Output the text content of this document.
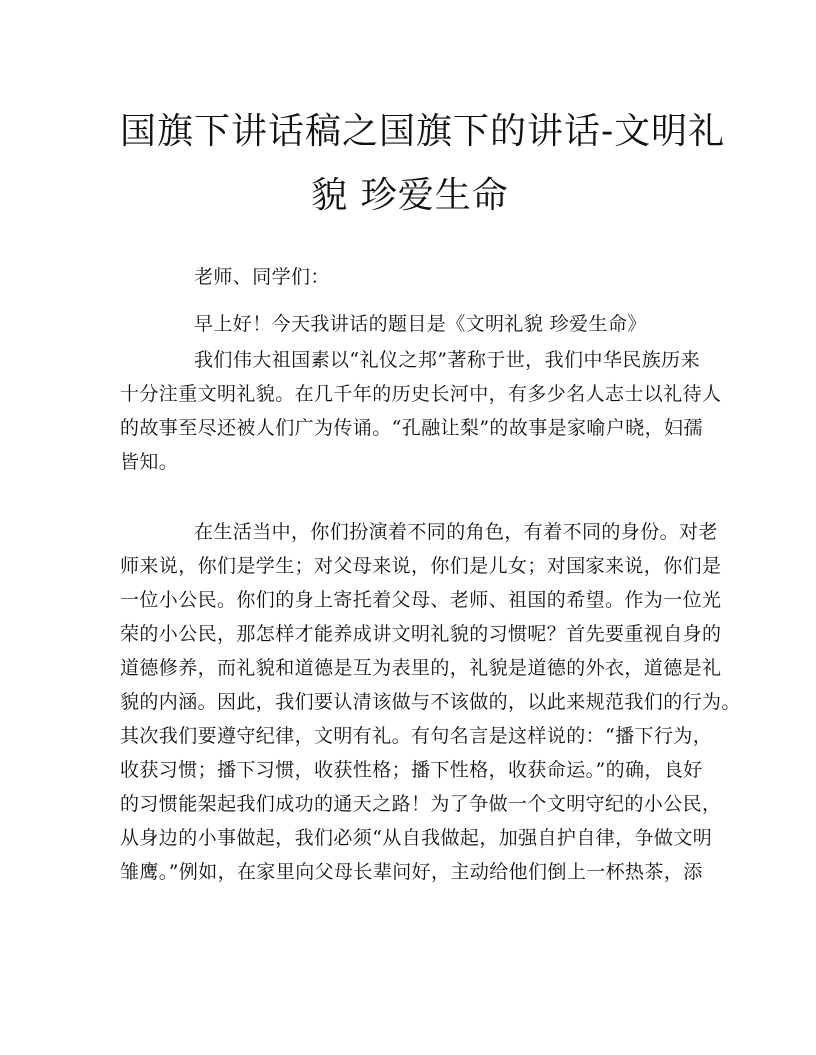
国旗下讲话稿之国旗下的讲话-文明礼
貌 珍爱生命
老师、同学们：
早上好！今天我讲话的题目是《文明礼貌 珍爱生命》
我们伟大祖国素以“礼仪之邦”著称于世，我们中华民族历来
十分注重文明礼貌。在几千年的历史长河中，有多少名人志士以礼待人
的故事至尽还被人们广为传诵。“孔融让梨”的故事是家喻户晓，妇孺
皆知。
在生活当中，你们扮演着不同的角色，有着不同的身份。对老
师来说，你们是学生；对父母来说，你们是儿女；对国家来说，你们是
一位小公民。你们的身上寄托着父母、老师、祖国的希望。作为一位光
荣的小公民，那怎样才能养成讲文明礼貌的习惯呢？首先要重视自身的
道德修养，而礼貌和道德是互为表里的，礼貌是道德的外衣，道德是礼
貌的内涵。因此，我们要认清该做与不该做的，以此来规范我们的行为。
其次我们要遵守纪律，文明有礼。有句名言是这样说的：“播下行为，
收获习惯；播下习惯，收获性格；播下性格，收获命运。”的确，良好
的习惯能架起我们成功的通天之路！为了争做一个文明守纪的小公民，
从身边的小事做起，我们必须“从自我做起，加强自护自律，争做文明
雏鹰。”例如，在家里向父母长辈问好，主动给他们倒上一杯热茶，添
